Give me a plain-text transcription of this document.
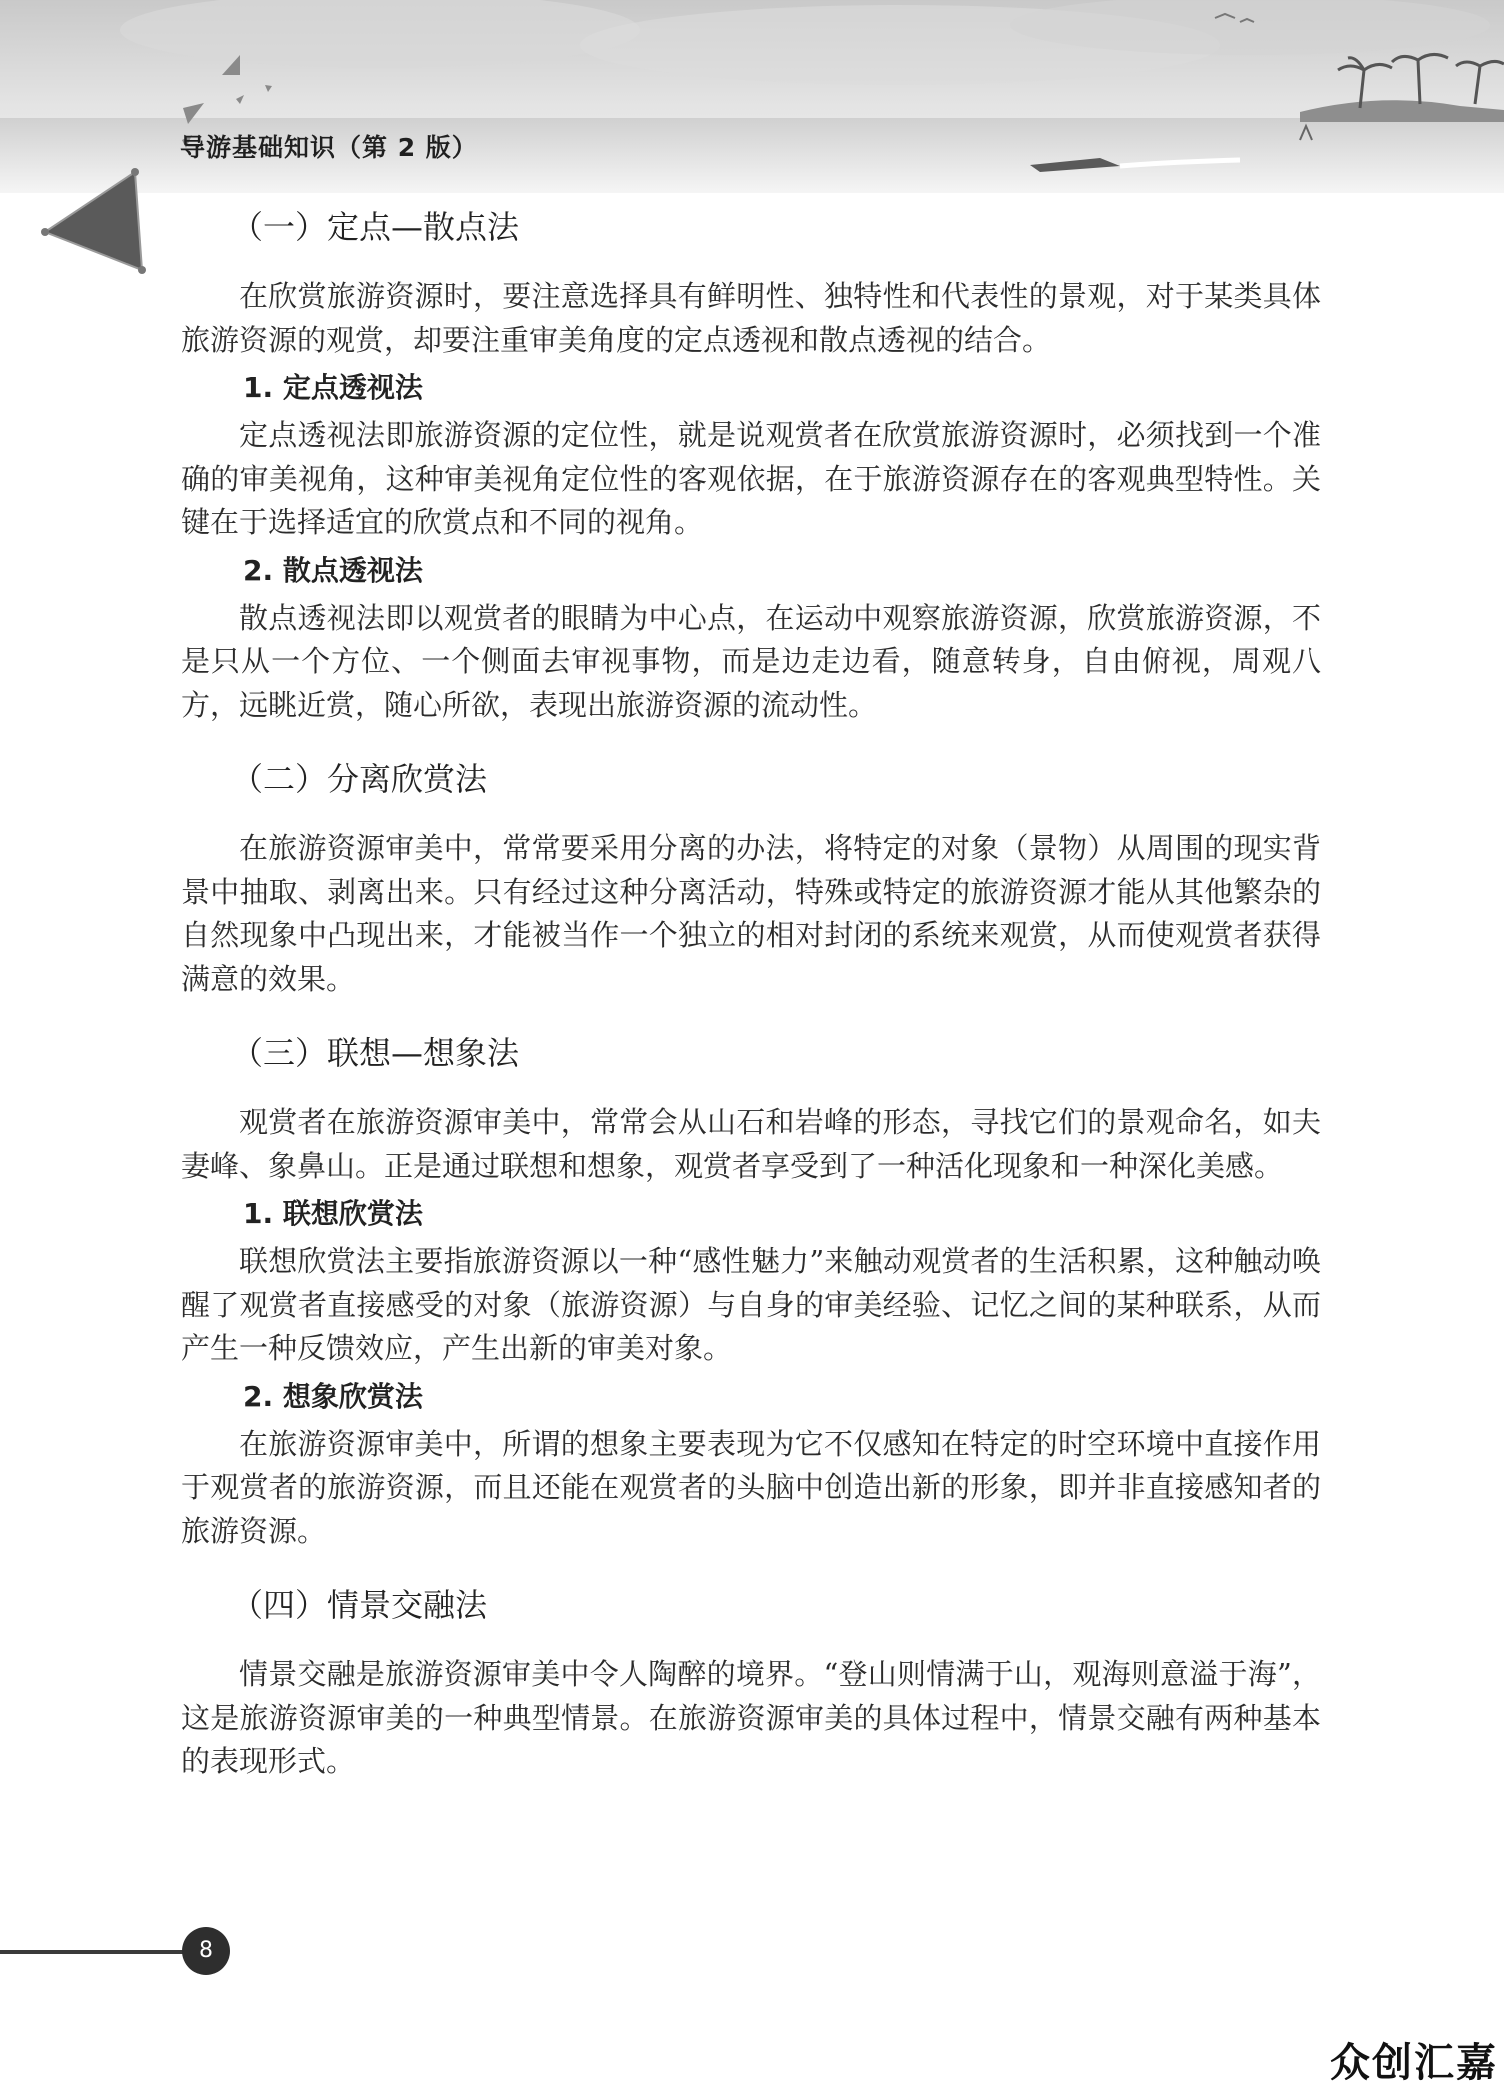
导游基础知识（第 2 版）
（一）定点—散点法

在欣赏旅游资源时，要注意选择具有鲜明性、独特性和代表性的景观，对于某类具体旅游资源的观赏，却要注重审美角度的定点透视和散点透视的结合。

1. 定点透视法

定点透视法即旅游资源的定位性，就是说观赏者在欣赏旅游资源时，必须找到一个准确的审美视角，这种审美视角定位性的客观依据，在于旅游资源存在的客观典型特性。关键在于选择适宜的欣赏点和不同的视角。

2. 散点透视法

散点透视法即以观赏者的眼睛为中心点，在运动中观察旅游资源，欣赏旅游资源，不是只从一个方位、一个侧面去审视事物，而是边走边看，随意转身，自由俯视，周观八方，远眺近赏，随心所欲，表现出旅游资源的流动性。

（二）分离欣赏法

在旅游资源审美中，常常要采用分离的办法，将特定的对象（景物）从周围的现实背景中抽取、剥离出来。只有经过这种分离活动，特殊或特定的旅游资源才能从其他繁杂的自然现象中凸现出来，才能被当作一个独立的相对封闭的系统来观赏，从而使观赏者获得满意的效果。

（三）联想—想象法

观赏者在旅游资源审美中，常常会从山石和岩峰的形态，寻找它们的景观命名，如夫妻峰、象鼻山。正是通过联想和想象，观赏者享受到了一种活化现象和一种深化美感。

1. 联想欣赏法

联想欣赏法主要指旅游资源以一种“感性魅力”来触动观赏者的生活积累，这种触动唤醒了观赏者直接感受的对象（旅游资源）与自身的审美经验、记忆之间的某种联系，从而产生一种反馈效应，产生出新的审美对象。

2. 想象欣赏法

在旅游资源审美中，所谓的想象主要表现为它不仅感知在特定的时空环境中直接作用于观赏者的旅游资源，而且还能在观赏者的头脑中创造出新的形象，即并非直接感知者的旅游资源。

（四）情景交融法

情景交融是旅游资源审美中令人陶醉的境界。“登山则情满于山，观海则意溢于海”，这是旅游资源审美的一种典型情景。在旅游资源审美的具体过程中，情景交融有两种基本的表现形式。

8
众创汇嘉
